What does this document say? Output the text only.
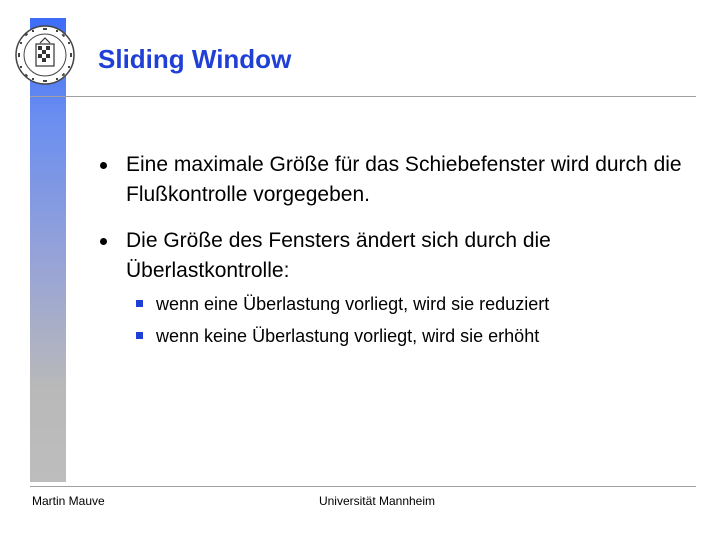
Sliding Window
Eine maximale Größe für das Schiebefenster wird durch die Flußkontrolle vorgegeben.
Die Größe des Fensters ändert sich durch die Überlastkontrolle:
wenn eine Überlastung vorliegt, wird sie reduziert
wenn keine Überlastung vorliegt, wird sie erhöht
Martin Mauve	Universität Mannheim
